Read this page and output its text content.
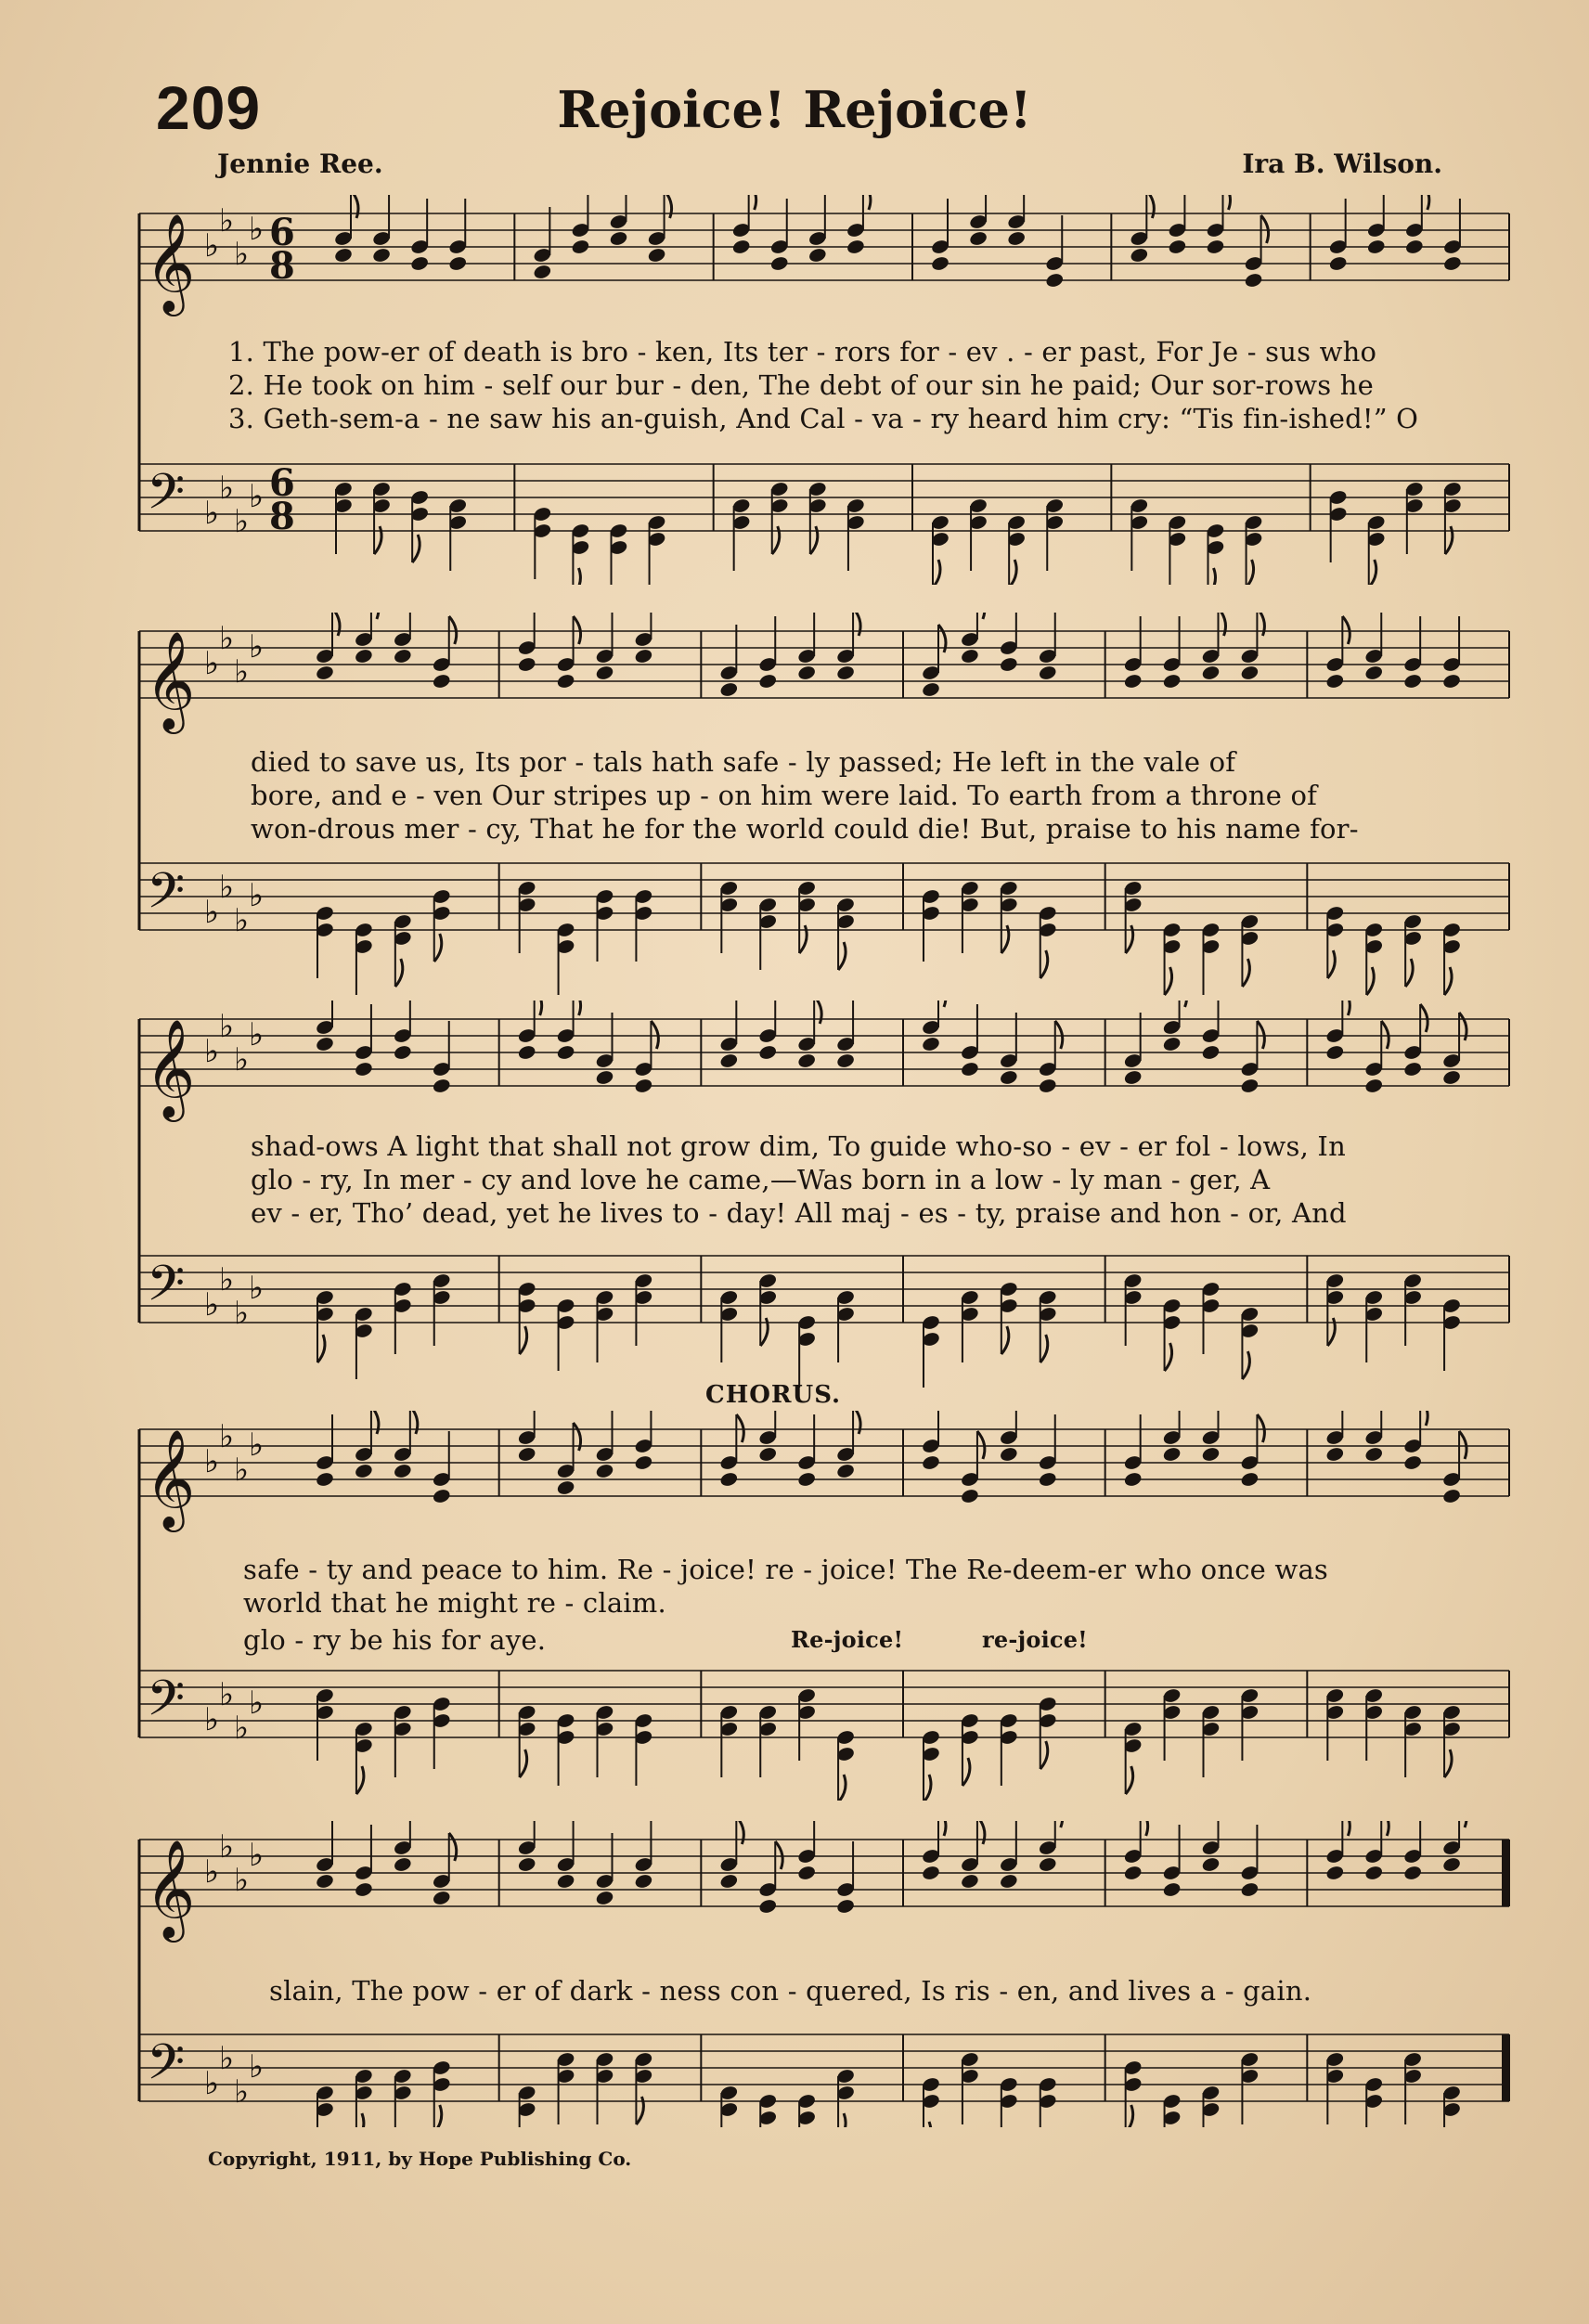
209	Rejoice! Rejoice!
Jennie Ree.	Ira B. Wilson.
𝄞 ♭
♭
♭
♭ 6
8
𝄢 ♭
♭
♭
♭ 6
8
1. The pow-er of death is bro - ken, Its ter - rors for - ev . - er past, For Je - sus who
2. He took on him - self our bur - den, The debt of our sin he paid; Our sor-rows he
3. Geth-sem-a - ne saw his an-guish, And Cal - va - ry heard him cry: “Tis fin-ished!” O
𝄞 ♭
♭
♭
♭
𝄢 ♭
♭
♭
♭
died to save us, Its por - tals hath safe - ly passed; He left in the vale of
bore, and e - ven Our stripes up - on him were laid. To earth from a throne of
won-drous mer - cy, That he for the world could die! But, praise to his name for-
𝄞 ♭
♭
♭
♭
𝄢 ♭
♭
♭
♭
shad-ows A light that shall not grow dim, To guide who-so - ev - er fol - lows, In
glo - ry, In mer - cy and love he came,—Was born in a low - ly man - ger, A
ev - er, Tho’ dead, yet he lives to - day! All maj - es - ty, praise and hon - or, And
CHORUS.
𝄞 ♭
♭
♭
♭
𝄢 ♭
♭
♭
♭
safe - ty and peace to him. Re - joice! re - joice! The Re-deem-er who once was
world that he might re - claim.
glo - ry be his for aye.	Re-joice!	re-joice!
𝄞 ♭
♭
♭
♭
𝄢 ♭
♭
♭
♭
slain, The pow - er of dark - ness con - quered, Is ris - en, and lives a - gain.
Copyright, 1911, by Hope Publishing Co.
